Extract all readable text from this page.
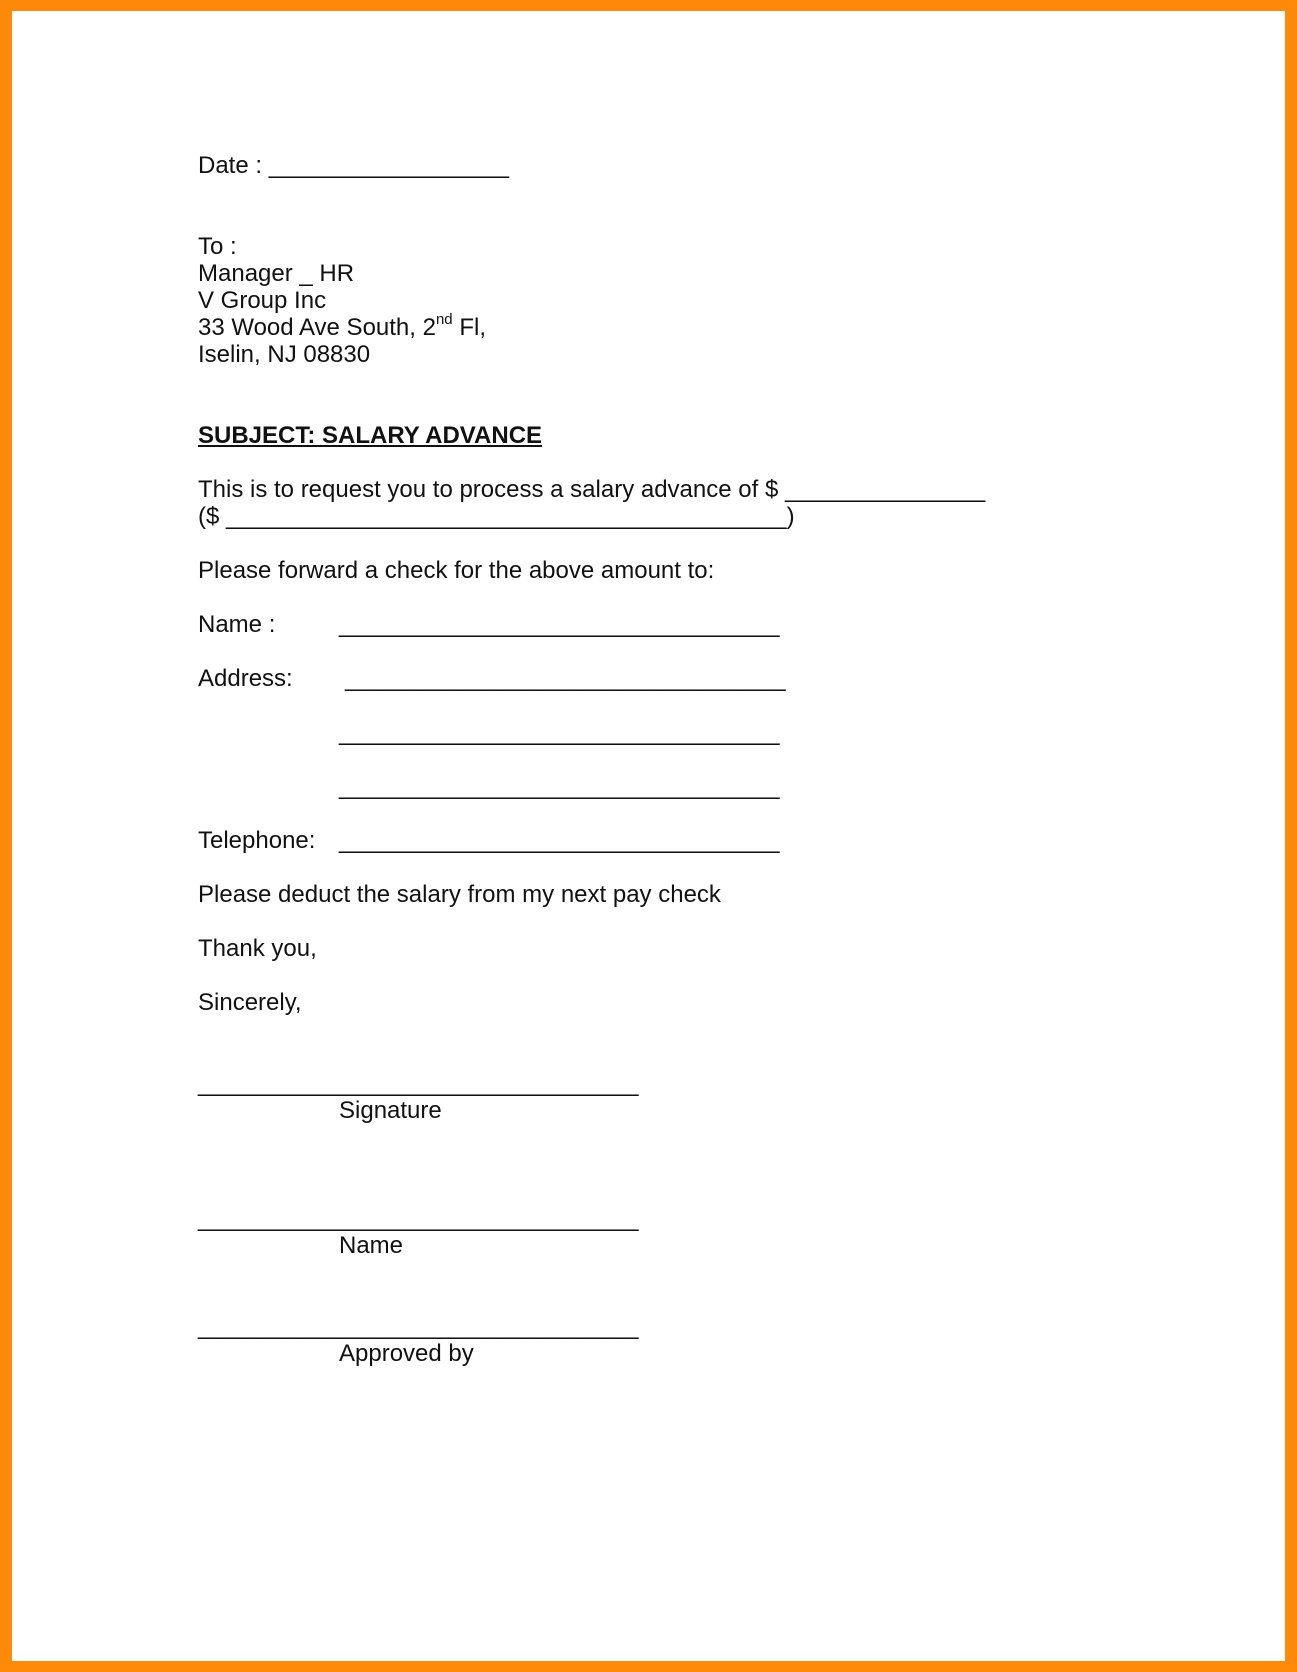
Date : __________________
To :
Manager _ HR
V Group Inc
33 Wood Ave South, 2nd Fl,
Iselin, NJ 08830
SUBJECT: SALARY ADVANCE
This is to request you to process a salary advance of $ _______________
($ __________________________________________)
Please forward a check for the above amount to:
Name :	_________________________________
Address: _________________________________
_________________________________
_________________________________
Telephone: _________________________________
Please deduct the salary from my next pay check
Thank you,
Sincerely,
_________________________________
Signature
_________________________________
Name
_________________________________
Approved by
